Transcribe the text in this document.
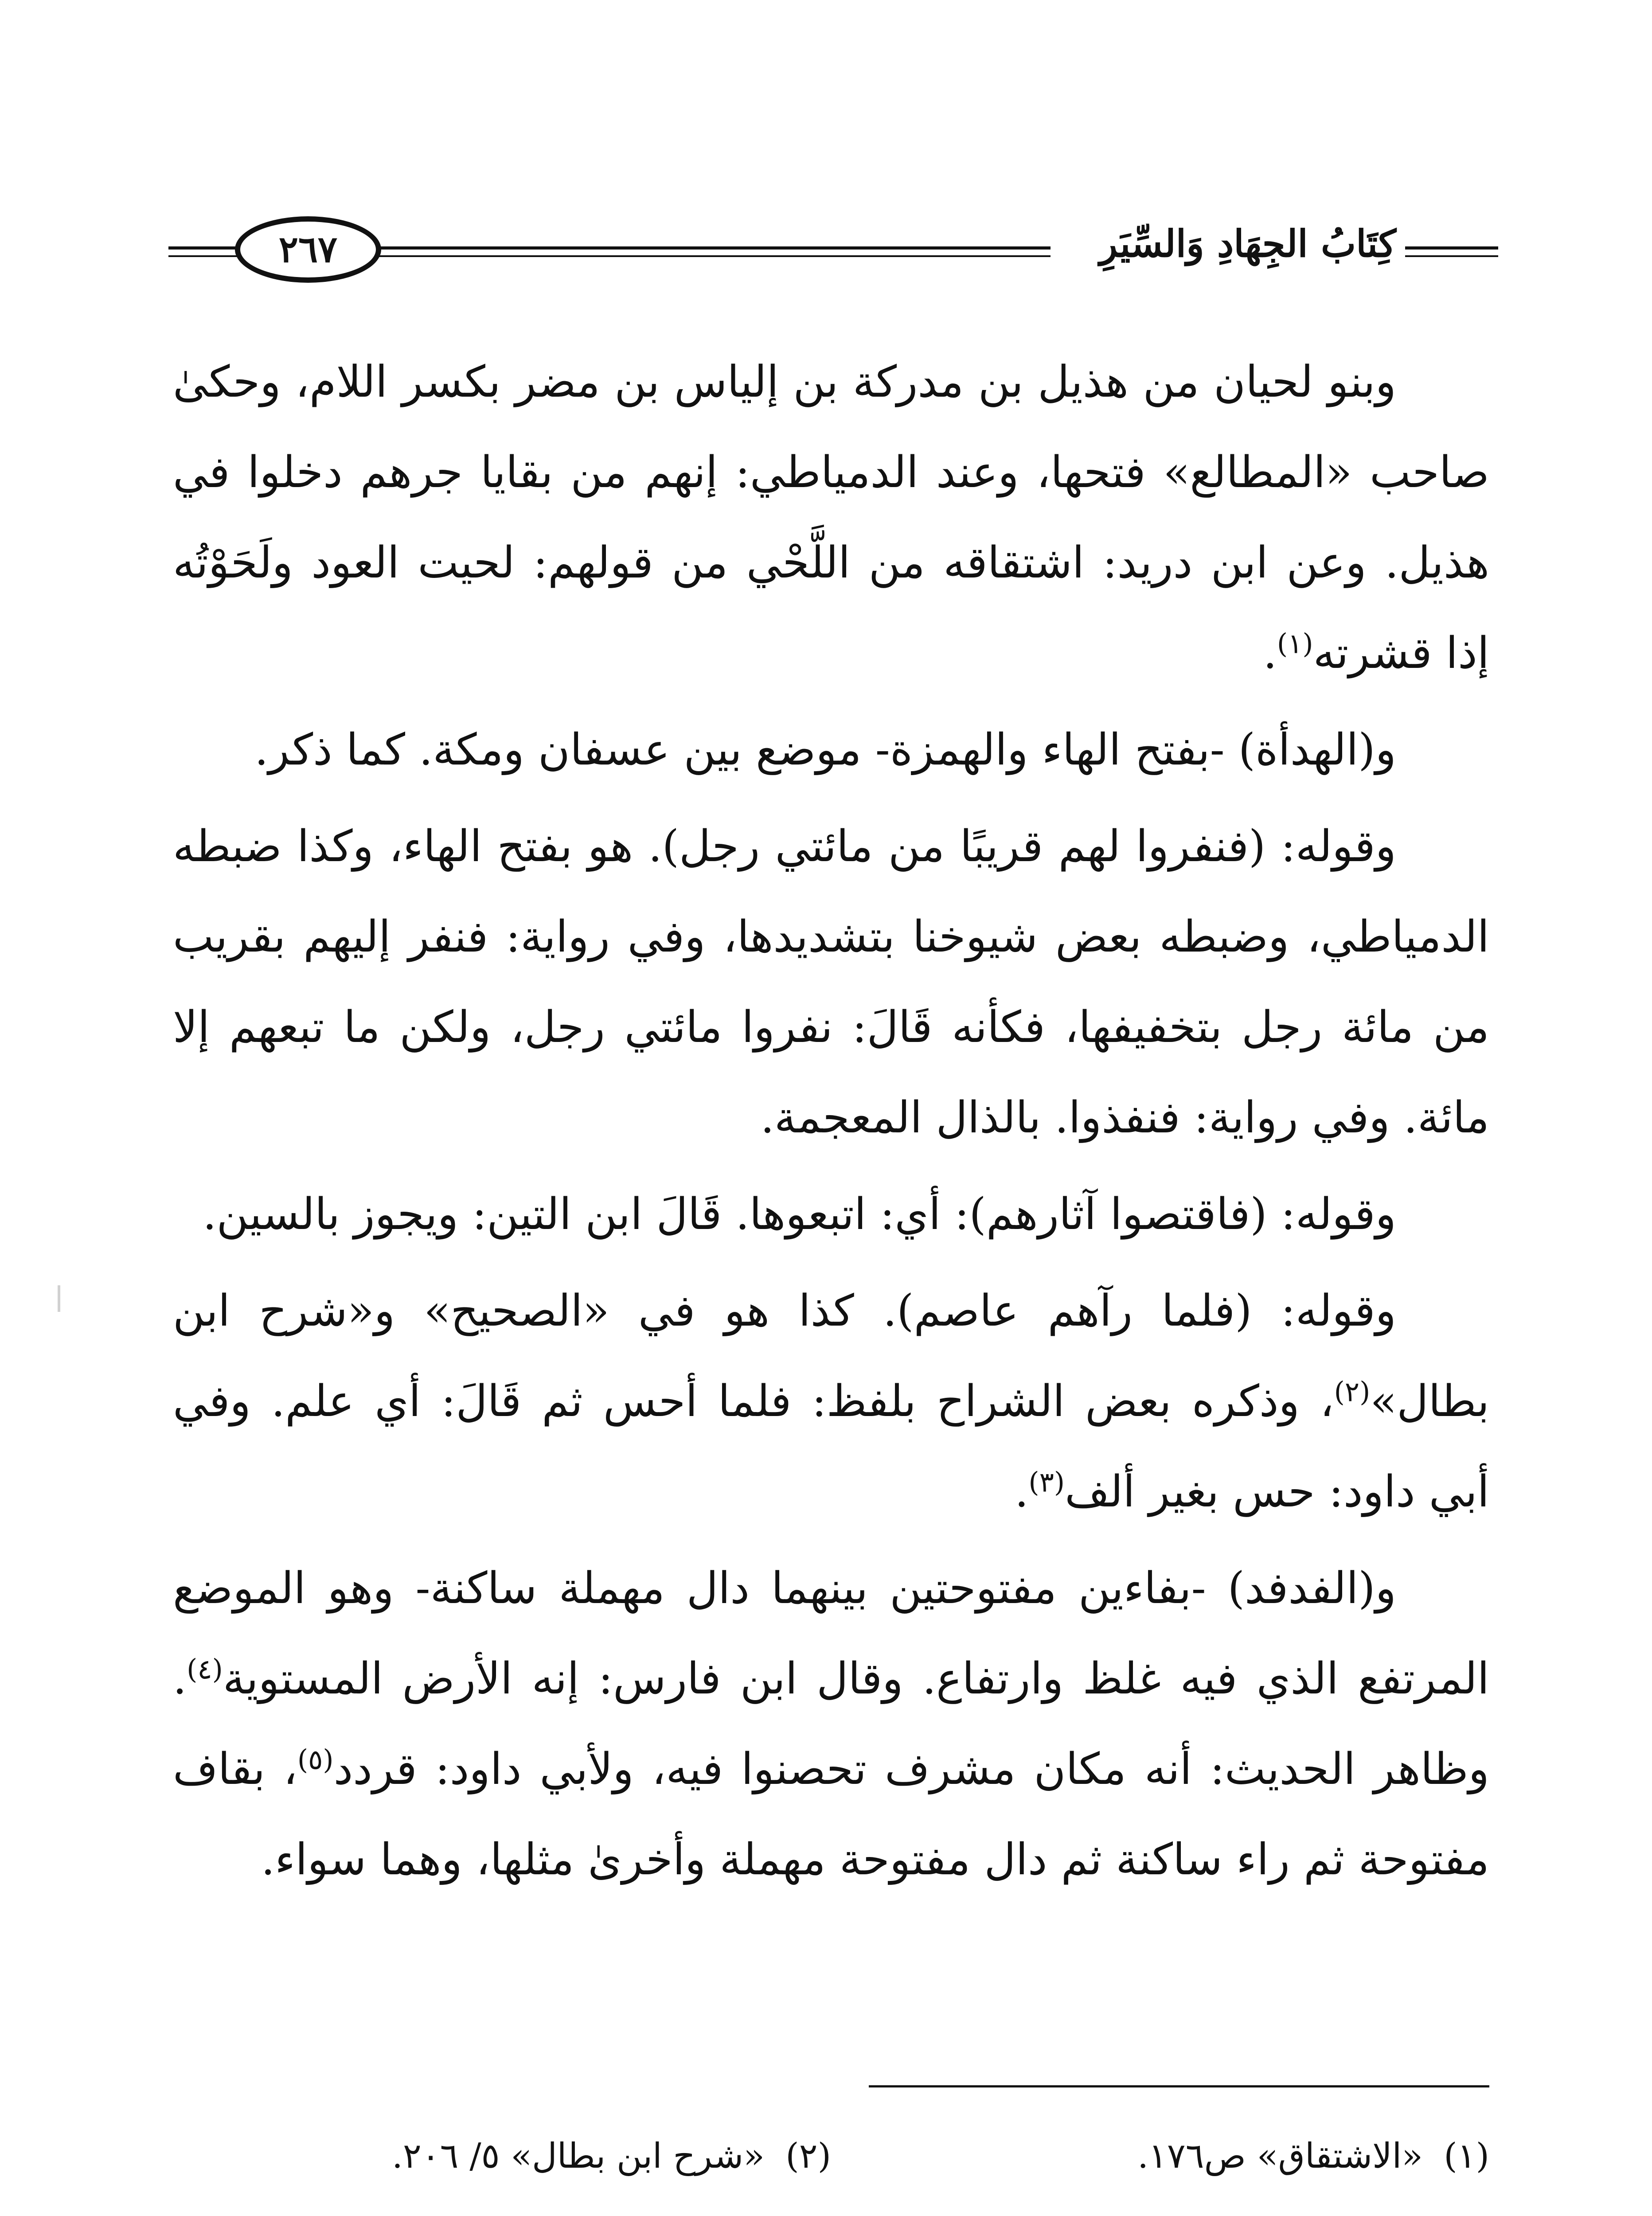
٢٦٧	كِتَابُ الجِهَادِ وَالسِّيَرِ

وبنو لحيان من هذيل بن مدركة بن إلياس بن مضر بكسر اللام، وحكىٰ صاحب «المطالع» فتحها، وعند الدمياطي: إنهم من بقايا جرهم دخلوا في هذيل. وعن ابن دريد: اشتقاقه من اللَّحْي من قولهم: لحيت العود ولَحَوْتُه إذا قشرته$^{(١)}$.

و(الهدأة) -بفتح الهاء والهمزة- موضع بين عسفان ومكة. كما ذكر.

وقوله: (فنفروا لهم قريبًا من مائتي رجل). هو بفتح الهاء، وكذا ضبطه الدمياطي، وضبطه بعض شيوخنا بتشديدها، وفي رواية: فنفر إليهم بقريب من مائة رجل بتخفيفها، فكأنه قَالَ: نفروا مائتي رجل، ولكن ما تبعهم إلا مائة. وفي رواية: فنفذوا. بالذال المعجمة.

وقوله: (فاقتصوا آثارهم): أي: اتبعوها. قَالَ ابن التين: ويجوز بالسين.

وقوله: (فلما رآهم عاصم). كذا هو في «الصحيح» و«شرح ابن بطال»$^{(٢)}$، وذكره بعض الشراح بلفظ: فلما أحس ثم قَالَ: أي علم. وفي أبي داود: حس بغير ألف$^{(٣)}$.

و(الفدفد) -بفاءين مفتوحتين بينهما دال مهملة ساكنة- وهو الموضع المرتفع الذي فيه غلظ وارتفاع. وقال ابن فارس: إنه الأرض المستوية$^{(٤)}$. وظاهر الحديث: أنه مكان مشرف تحصنوا فيه، ولأبي داود: قردد$^{(٥)}$، بقاف مفتوحة ثم راء ساكنة ثم دال مفتوحة مهملة وأخرىٰ مثلها، وهما سواء.

(١)«الاشتقاق» ص١٧٦.
(٢)«شرح ابن بطال» ٥/ ٢٠٦.
